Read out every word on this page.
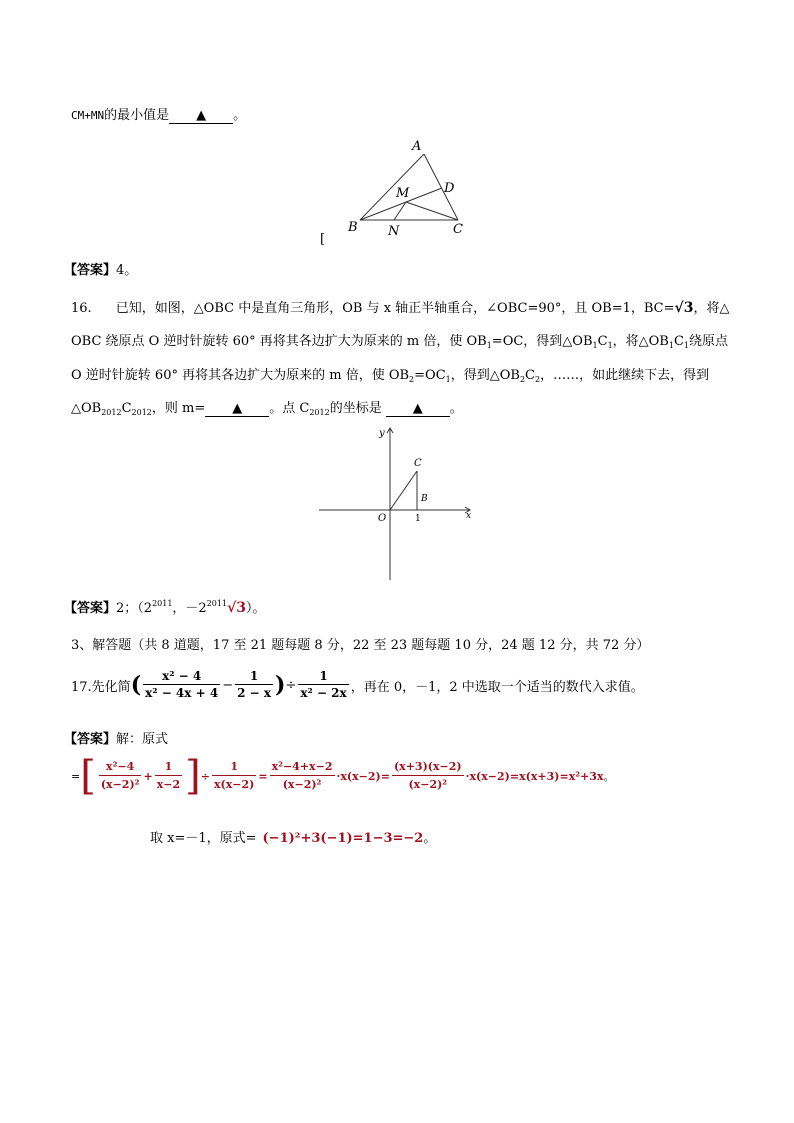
CM+MN的最小值是 ▲ 。
A
D
M
B N	C
[
【答案】4。
16. 已知，如图，△OBC 中是直角三角形，OB 与 x 轴正半轴重合，∠OBC=90°，且 OB=1，BC=√3，将△
OBC 绕原点 O 逆时针旋转 60° 再将其各边扩大为原来的 m 倍，使 $OB_1=OC$，得到$\triangle OB_1C_1$，将$\triangle OB_1C_1$绕原点
O 逆时针旋转 60° 再将其各边扩大为原来的 m 倍，使 $OB_2=OC_1$，得到$\triangle OB_2C_2$，……，如此继续下去，得到
$\triangle OB_{2012}C_{2012}$，则 m= ▲ 。点 $C_{2012}$的坐标是 ▲ 。
y
C
B
O	1	x
【答案】2；（$2^{2011}$，$-2^{2011}√3$）。
3、解答题（共 8 道题，17 至 21 题每题 8 分，22 至 23 题每题 10 分，24 题 12 分，共 72 分）
17.先化简 ( $\frac{\text{x² − 4}}{\text{x² − 4x + 4}} - \frac{1}{2 - x}$ ) ÷ $\frac{1}{\text{x² − 2x}}$ ，再在 0，－1，2 中选取一个适当的数代入求值。
【答案】解：原式
= [ $\frac{\text{x²−4}}{\text{(x−2)²}} + \frac{1}{x-2}$ ] ÷ $\frac{1}{x(x-2)} = \frac{\text{x²−4+x−2}}{\text{(x−2)²}} \cdot x(x-2)= \frac{(x+3)(x-2)}{\text{(x−2)²}} \cdot x(x-2)=x(x+3)=x^2+3x$ 。
取 x=－1，原式= (−1)²+3(−1)=1−3=−2。
